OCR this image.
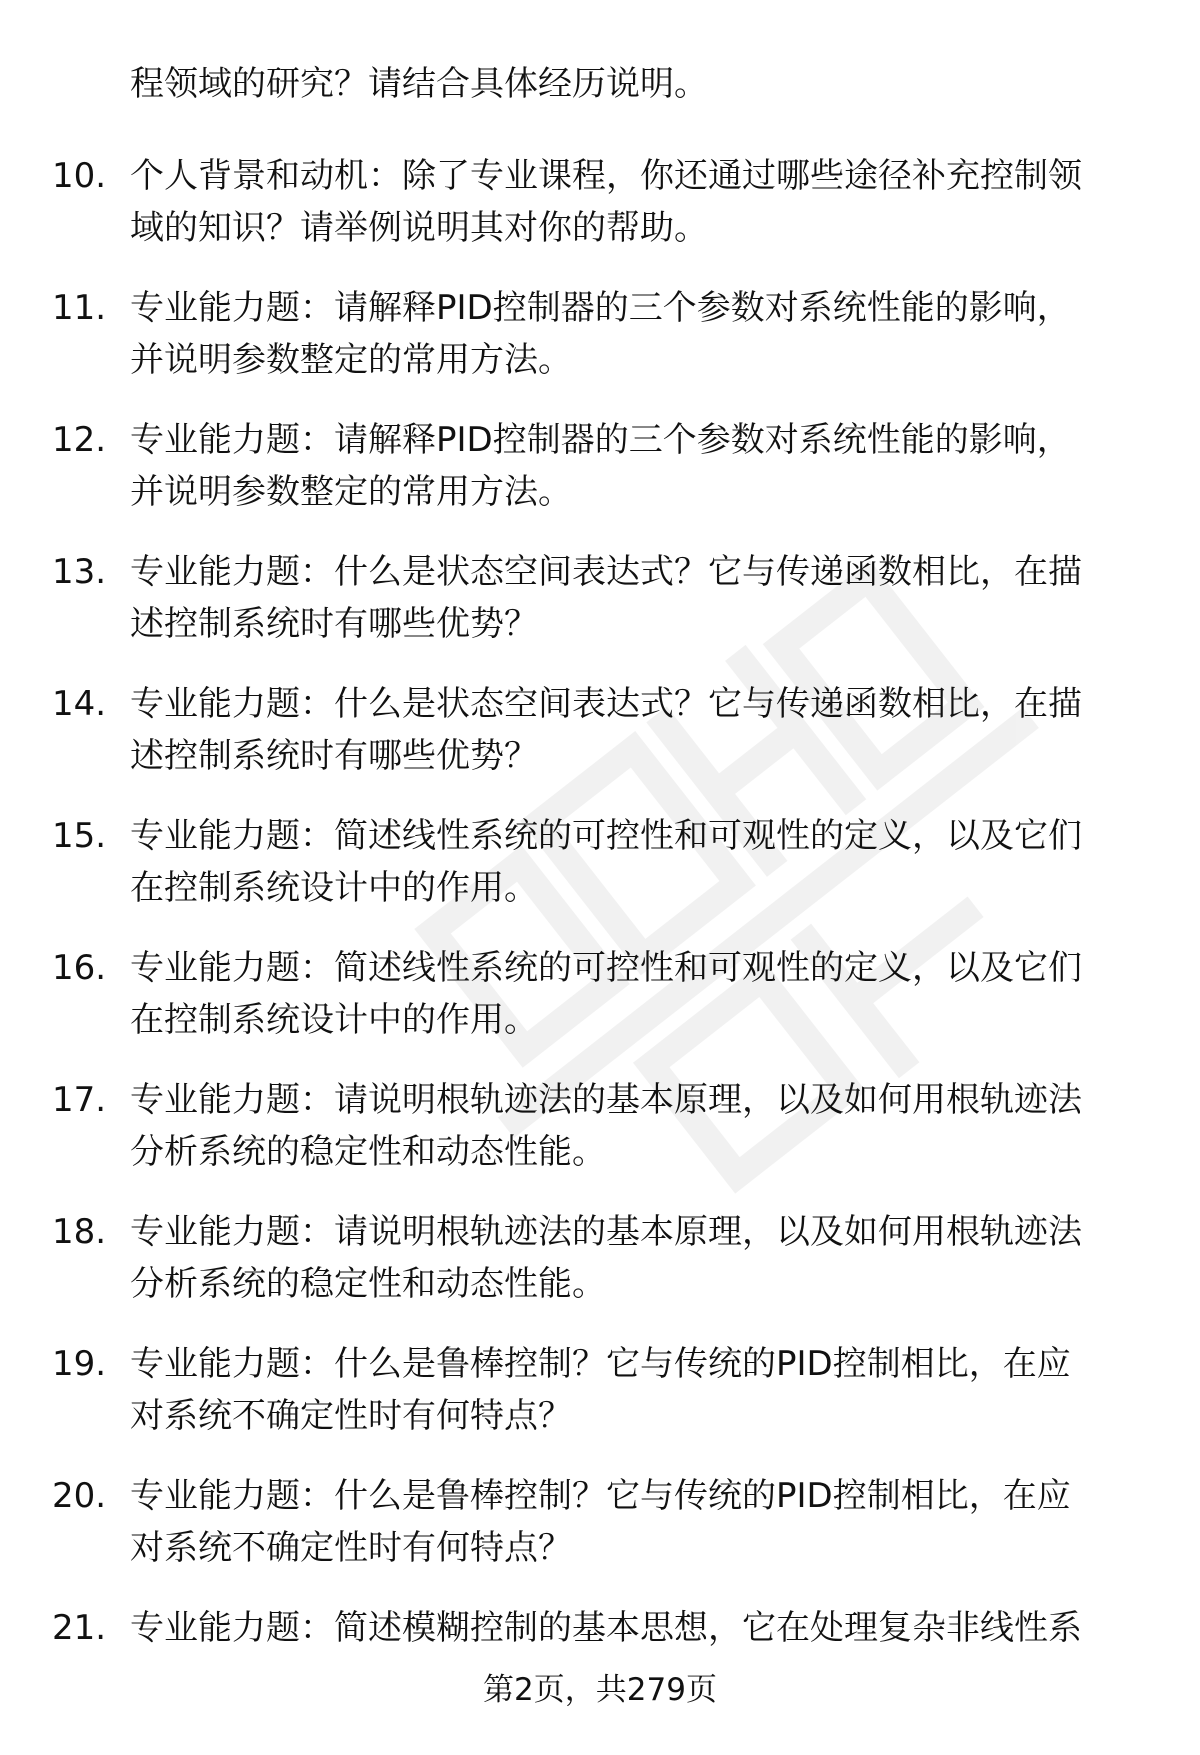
程领域的研究？请结合具体经历说明。
10. 个人背景和动机：除了专业课程，你还通过哪些途径补充控制领
域的知识？请举例说明其对你的帮助。
11. 专业能力题：请解释PID控制器的三个参数对系统性能的影响，
并说明参数整定的常用方法。
12. 专业能力题：请解释PID控制器的三个参数对系统性能的影响，
并说明参数整定的常用方法。
13. 专业能力题：什么是状态空间表达式？它与传递函数相比，在描
述控制系统时有哪些优势？
14. 专业能力题：什么是状态空间表达式？它与传递函数相比，在描
述控制系统时有哪些优势？
15. 专业能力题：简述线性系统的可控性和可观性的定义，以及它们
在控制系统设计中的作用。
16. 专业能力题：简述线性系统的可控性和可观性的定义，以及它们
在控制系统设计中的作用。
17. 专业能力题：请说明根轨迹法的基本原理，以及如何用根轨迹法
分析系统的稳定性和动态性能。
18. 专业能力题：请说明根轨迹法的基本原理，以及如何用根轨迹法
分析系统的稳定性和动态性能。
19. 专业能力题：什么是鲁棒控制？它与传统的PID控制相比，在应
对系统不确定性时有何特点？
20. 专业能力题：什么是鲁棒控制？它与传统的PID控制相比，在应
对系统不确定性时有何特点？
21. 专业能力题：简述模糊控制的基本思想，它在处理复杂非线性系
第2页，共279页
